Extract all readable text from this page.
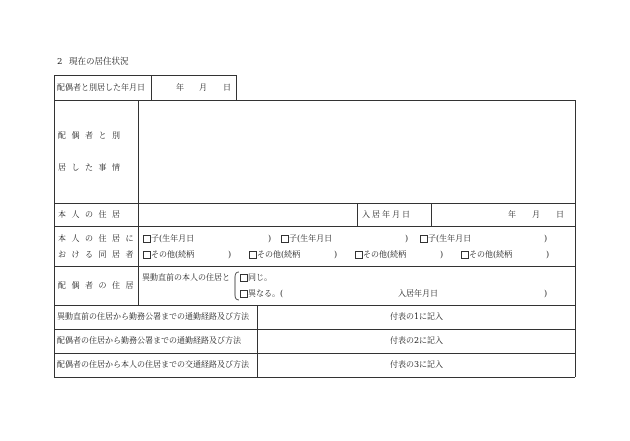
2 現在の居住状況
配偶者と別居した年月日	年 月 日
配偶者と別
居した事情
本人の住居	入居年月日	年 月 日
本人の住居に
おける同居者
子(生年月日	) 子(生年月日	) 子(生年月日	)
その他(続柄	)	その他(続柄	)	その他(続柄	)	その他(続柄	)
配偶者の住居
異動直前の本人の住居と 同じ。
異なる。(	入居年月日	)
異動直前の住居から勤務公署までの通勤経路及び方法	付表の1に記入
配偶者の住居から勤務公署までの通勤経路及び方法	付表の2に記入
配偶者の住居から本人の住居までの交通経路及び方法	付表の3に記入
